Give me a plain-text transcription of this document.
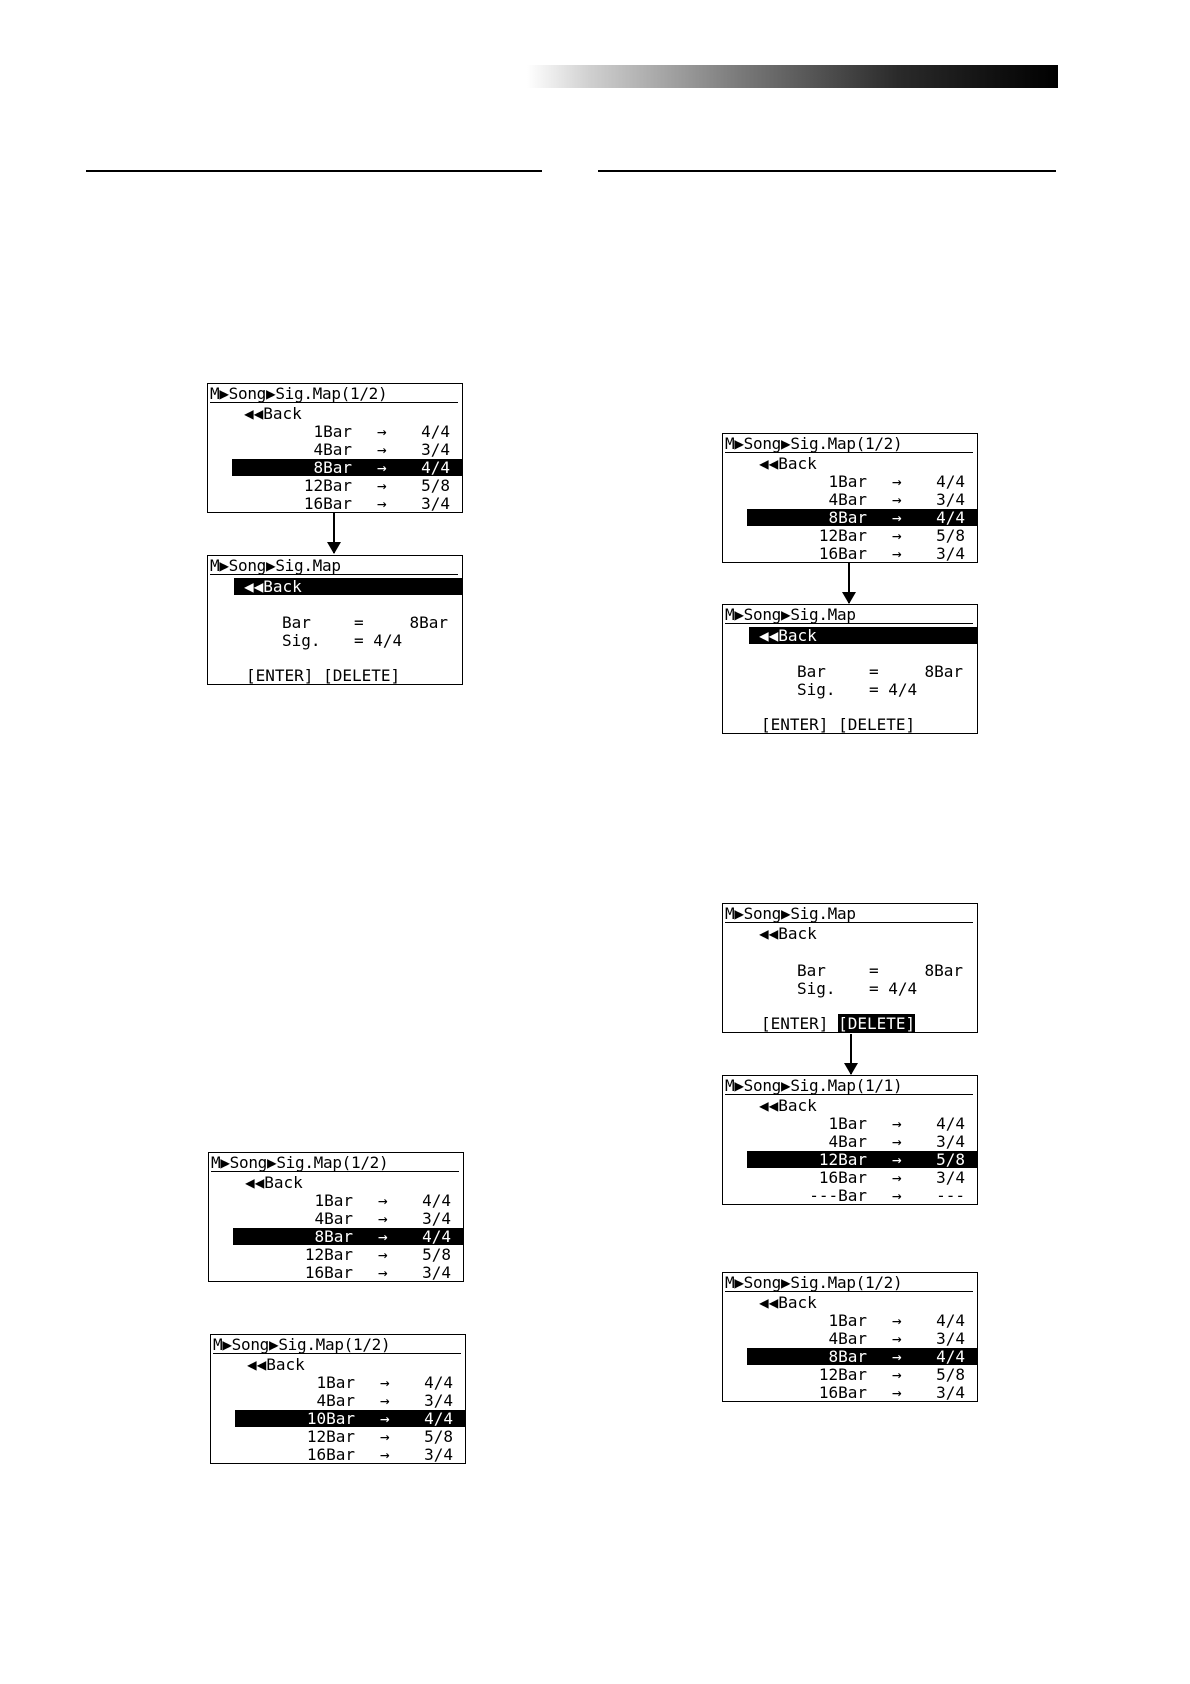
M▶Song▶Sig.Map(1/2)
◀◀Back
1Bar → 4/4
4Bar → 3/4
8Bar → 4/4
12Bar → 5/8
16Bar → 3/4
M▶Song▶Sig.Map
◀◀Back
Bar	=	8Bar
Sig. = 4/4
[ENTER] [DELETE]
M▶Song▶Sig.Map(1/2)
◀◀Back
1Bar → 4/4
4Bar → 3/4
8Bar → 4/4
12Bar → 5/8
16Bar → 3/4
M▶Song▶Sig.Map(1/2)
◀◀Back
1Bar → 4/4
4Bar → 3/4
10Bar → 4/4
12Bar → 5/8
16Bar → 3/4
M▶Song▶Sig.Map(1/2)
◀◀Back
1Bar → 4/4
4Bar → 3/4
8Bar → 4/4
12Bar → 5/8
16Bar → 3/4
M▶Song▶Sig.Map
◀◀Back
Bar	=	8Bar
Sig. = 4/4
[ENTER] [DELETE]
M▶Song▶Sig.Map
◀◀Back
Bar	=	8Bar
Sig. = 4/4
[ENTER] [DELETE]
M▶Song▶Sig.Map(1/1)
◀◀Back
1Bar → 4/4
4Bar → 3/4
12Bar → 5/8
16Bar → 3/4
---Bar → ---
M▶Song▶Sig.Map(1/2)
◀◀Back
1Bar → 4/4
4Bar → 3/4
8Bar → 4/4
12Bar → 5/8
16Bar → 3/4
